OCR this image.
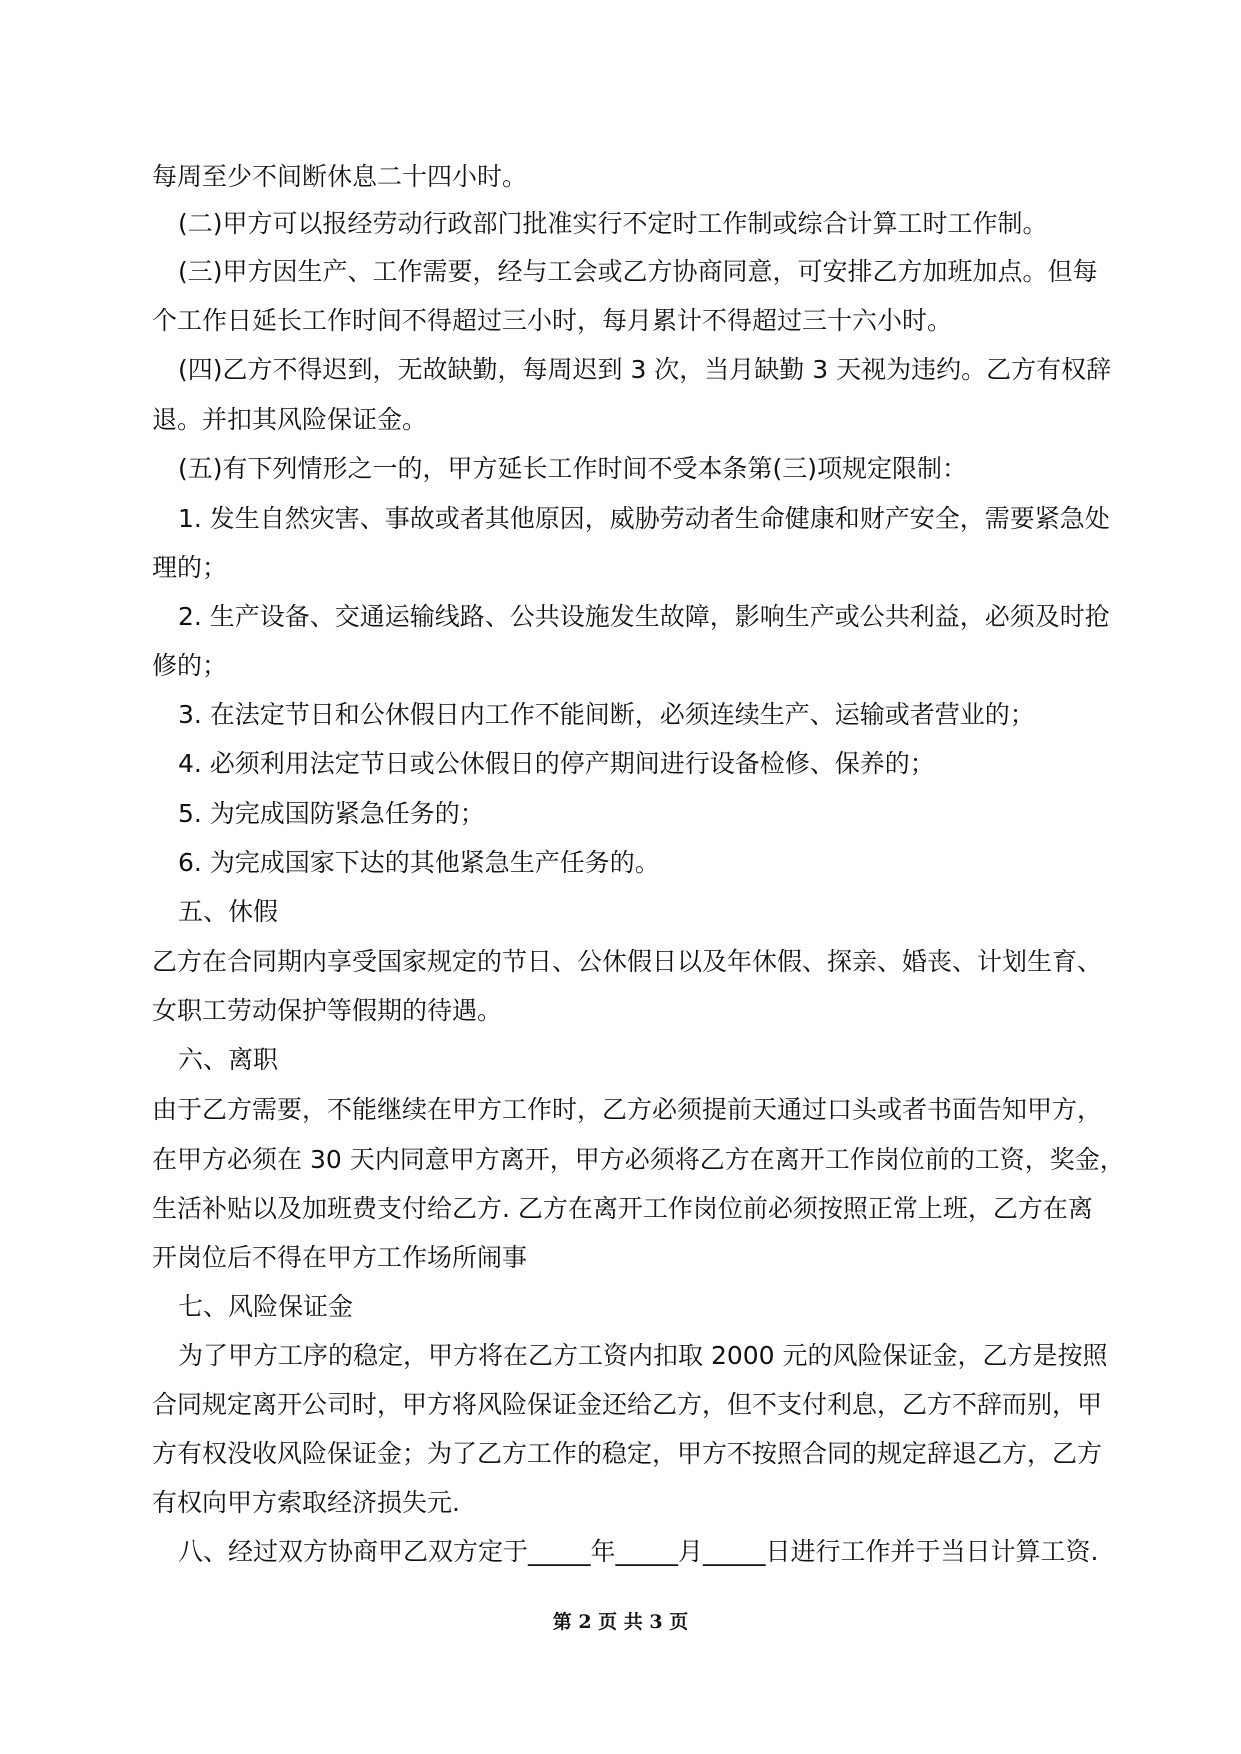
每周至少不间断休息二十四小时。
(二)甲方可以报经劳动行政部门批准实行不定时工作制或综合计算工时工作制。
(三)甲方因生产、工作需要，经与工会或乙方协商同意，可安排乙方加班加点。但每
个工作日延长工作时间不得超过三小时，每月累计不得超过三十六小时。
(四)乙方不得迟到，无故缺勤，每周迟到 3 次，当月缺勤 3 天视为违约。乙方有权辞
退。并扣其风险保证金。
(五)有下列情形之一的，甲方延长工作时间不受本条第(三)项规定限制：
1. 发生自然灾害、事故或者其他原因，威胁劳动者生命健康和财产安全，需要紧急处
理的；
2. 生产设备、交通运输线路、公共设施发生故障，影响生产或公共利益，必须及时抢
修的；
3. 在法定节日和公休假日内工作不能间断，必须连续生产、运输或者营业的；
4. 必须利用法定节日或公休假日的停产期间进行设备检修、保养的；
5. 为完成国防紧急任务的；
6. 为完成国家下达的其他紧急生产任务的。
五、休假
乙方在合同期内享受国家规定的节日、公休假日以及年休假、探亲、婚丧、计划生育、
女职工劳动保护等假期的待遇。
六、离职
由于乙方需要，不能继续在甲方工作时，乙方必须提前天通过口头或者书面告知甲方，
在甲方必须在 30 天内同意甲方离开，甲方必须将乙方在离开工作岗位前的工资，奖金，
生活补贴以及加班费支付给乙方. 乙方在离开工作岗位前必须按照正常上班，乙方在离
开岗位后不得在甲方工作场所闹事
七、风险保证金
为了甲方工序的稳定，甲方将在乙方工资内扣取 2000 元的风险保证金，乙方是按照
合同规定离开公司时，甲方将风险保证金还给乙方，但不支付利息，乙方不辞而别，甲
方有权没收风险保证金；为了乙方工作的稳定，甲方不按照合同的规定辞退乙方，乙方
有权向甲方索取经济损失元.
八、经过双方协商甲乙双方定于_____年_____月_____日进行工作并于当日计算工资.
第 2 页 共 3 页
